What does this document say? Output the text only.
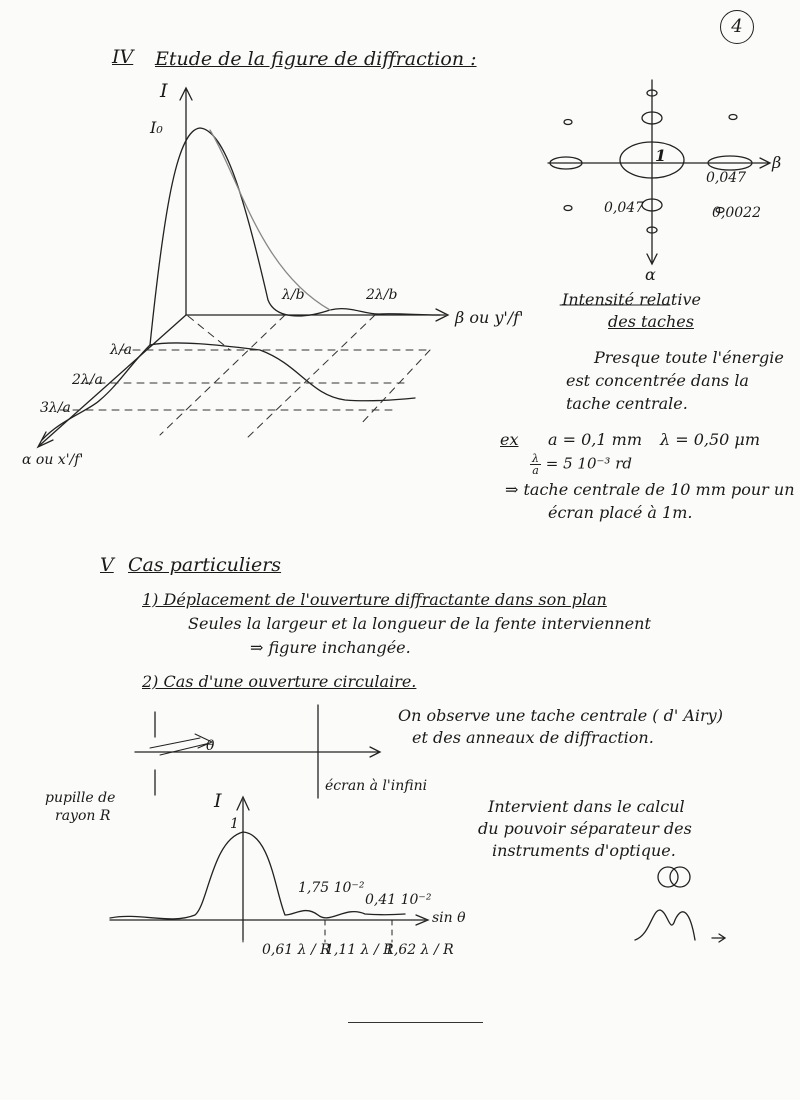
4
IV Etude de la figure de diffraction :
I
I₀
β ou y'/f'
α ou x'/f'
λ/b	2λ/b
λ/a
2λ/a
3λ/a
β
α
1
0,047
0,047	0,0022
Intensité relative
des taches
Presque toute l'énergie
est concentrée dans la
tache centrale.
ex a = 0,1 mm λ = 0,50 μm
$\frac{\lambda}{a} = 5$ 10⁻³ rd
⇒ tache centrale de 10 mm pour un
écran placé à 1m.
V Cas particuliers
1) Déplacement de l'ouverture diffractante dans son plan
Seules la largeur et la longueur de la fente interviennent
⇒ figure inchangée.
2) Cas d'une ouverture circulaire.
On observe une tache centrale ( d' Airy)
et des anneaux de diffraction.
θ
écran à l'infini
pupille de
rayon R
I
1
sin θ
1,75 10⁻²
0,41 10⁻²
0,61 λ / R
1,11 λ / R
1,62 λ / R
Intervient dans le calcul
du pouvoir séparateur des
instruments d'optique.
